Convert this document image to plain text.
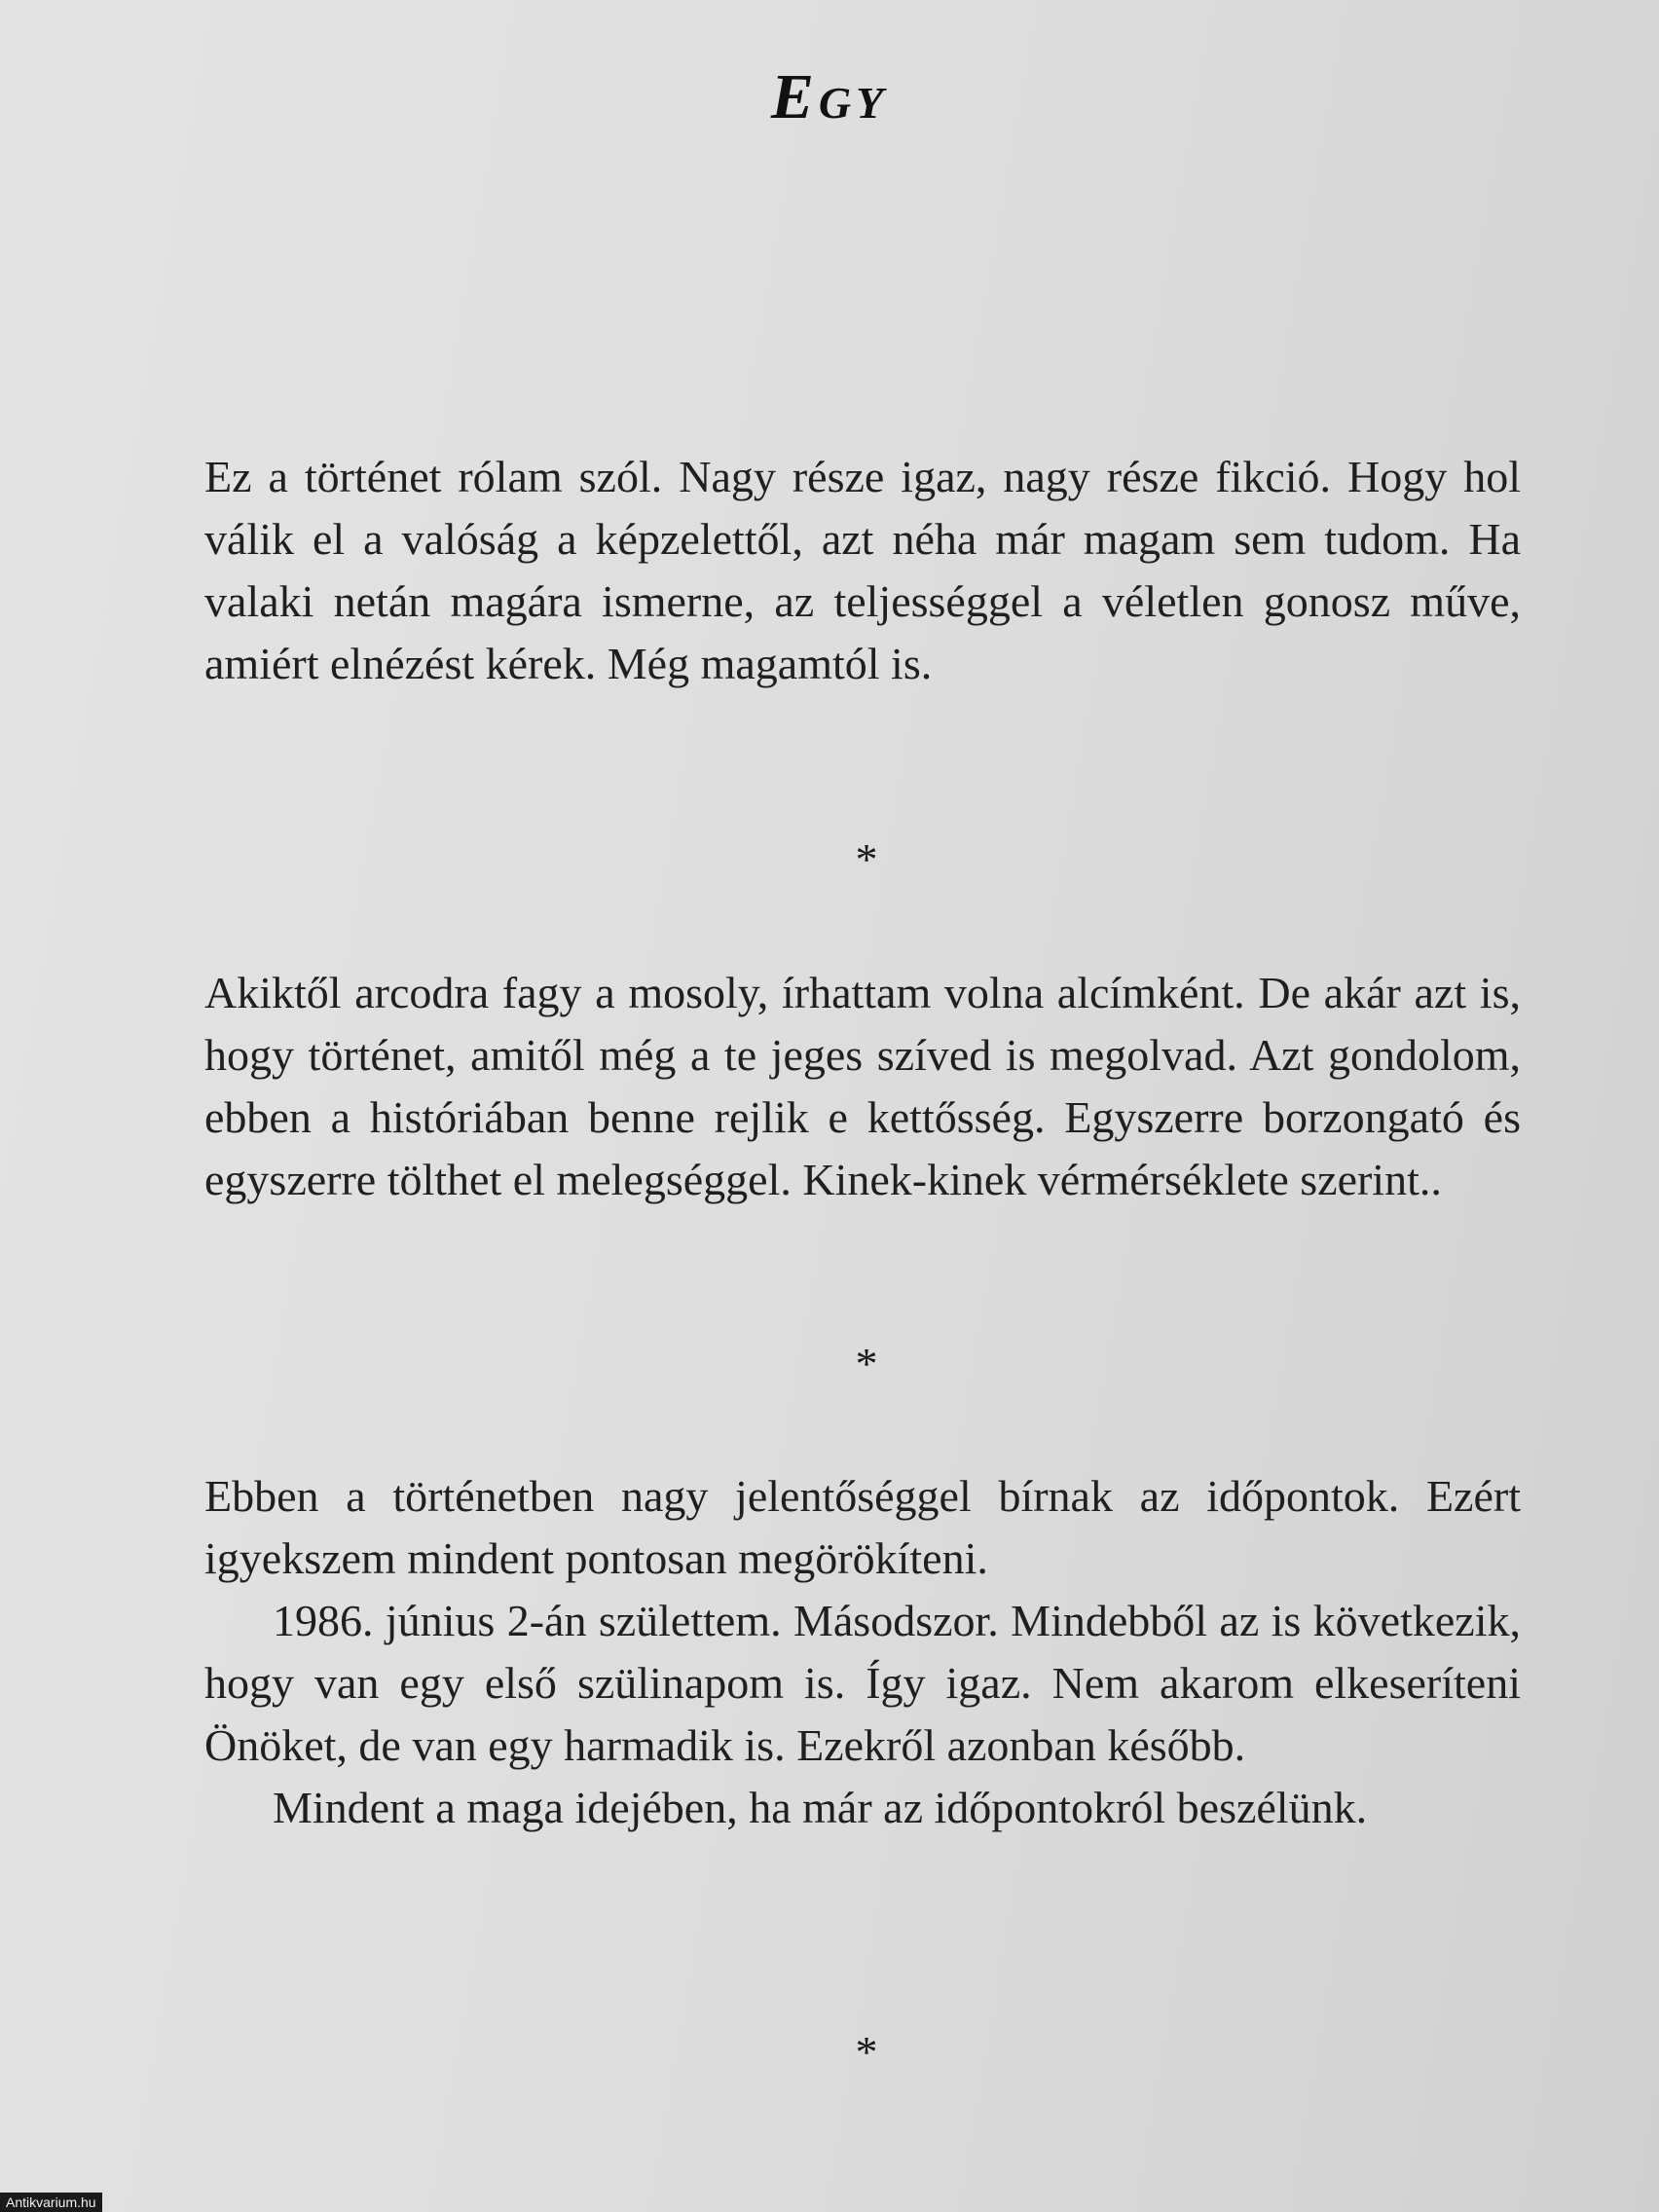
Egy

Ez a történet rólam szól. Nagy része igaz, nagy része fikció. Hogy hol válik el a valóság a képzelettől, azt néha már magam sem tudom. Ha valaki netán magára ismerne, az teljességgel a véletlen gonosz műve, amiért elnézést kérek. Még magamtól is.

*

Akiktől arcodra fagy a mosoly, írhattam volna alcímként. De akár azt is, hogy történet, amitől még a te jeges szíved is megolvad. Azt gondolom, ebben a históriában benne rejlik e kettősség. Egyszerre borzongató és egyszerre tölthet el melegséggel. Kinek-kinek vérmérséklete szerint..

*

Ebben a történetben nagy jelentőséggel bírnak az időpontok. Ezért igyekszem mindent pontosan megörökíteni.

1986. június 2-án születtem. Másodszor. Mindebből az is következik, hogy van egy első szülinapom is. Így igaz. Nem akarom elkeseríteni Önöket, de van egy harmadik is. Ezekről azonban később.

Mindent a maga idejében, ha már az időpontokról beszélünk.

*
Antikvarium.hu
